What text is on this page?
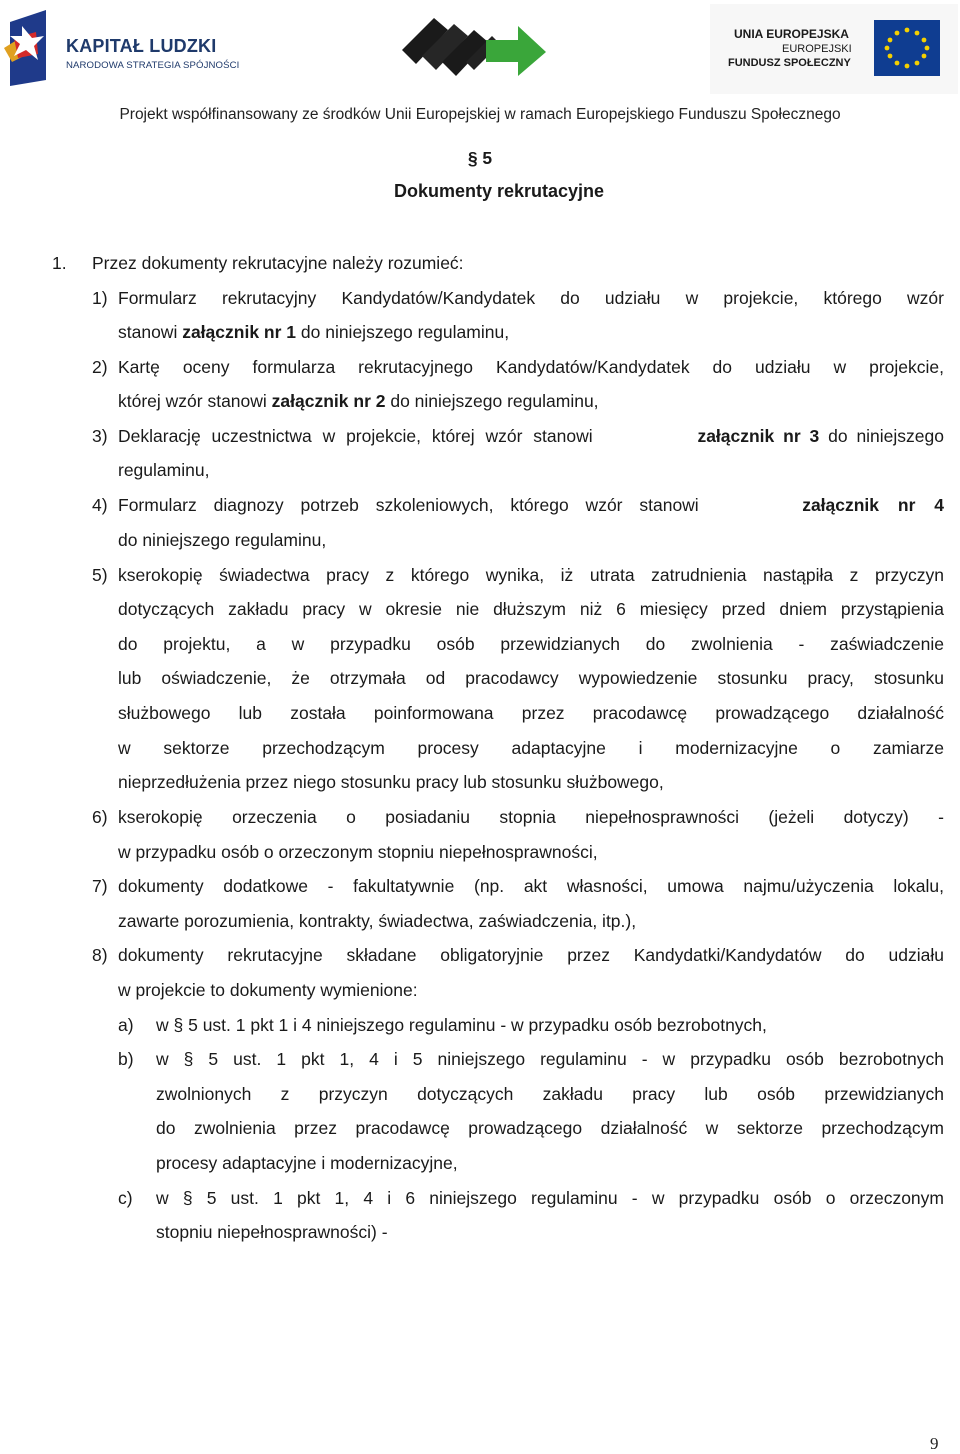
KAPITAŁ LUDZKI
NARODOWA STRATEGIA SPÓJNOŚCI
UNIA EUROPEJSKA
EUROPEJSKI
FUNDUSZ SPOŁECZNY
Projekt współfinansowany ze środków Unii Europejskiej w ramach Europejskiego Funduszu Społecznego
§ 5
Dokumenty rekrutacyjne
1. Przez dokumenty rekrutacyjne należy rozumieć:
1) Formularz rekrutacyjny Kandydatów/Kandydatek do udziału w projekcie, którego wzór
stanowi załącznik nr 1 do niniejszego regulaminu,
2) Kartę oceny formularza rekrutacyjnego Kandydatów/Kandydatek do udziału w projekcie,
której wzór stanowi załącznik nr 2 do niniejszego regulaminu,
3) Deklarację uczestnictwa w projekcie, której wzór stanowi	załącznik nr 3 do niniejszego
regulaminu,
4) Formularz diagnozy potrzeb szkoleniowych, którego wzór stanowi	załącznik nr 4
do niniejszego regulaminu,
5) kserokopię świadectwa pracy z którego wynika, iż utrata zatrudnienia nastąpiła z przyczyn
dotyczących zakładu pracy w okresie nie dłuższym niż 6 miesięcy przed dniem przystąpienia
do projektu, a w przypadku osób przewidzianych do zwolnienia - zaświadczenie
lub oświadczenie, że otrzymała od pracodawcy wypowiedzenie stosunku pracy, stosunku
służbowego lub została poinformowana przez pracodawcę prowadzącego działalność
w sektorze przechodzącym procesy adaptacyjne i modernizacyjne o zamiarze
nieprzedłużenia przez niego stosunku pracy lub stosunku służbowego,
6) kserokopię orzeczenia o posiadaniu stopnia niepełnosprawności (jeżeli dotyczy) -
w przypadku osób o orzeczonym stopniu niepełnosprawności,
7) dokumenty dodatkowe - fakultatywnie (np. akt własności, umowa najmu/użyczenia lokalu,
zawarte porozumienia, kontrakty, świadectwa, zaświadczenia, itp.),
8) dokumenty rekrutacyjne składane obligatoryjnie przez Kandydatki/Kandydatów do udziału
w projekcie to dokumenty wymienione:
a) w § 5 ust. 1 pkt 1 i 4 niniejszego regulaminu - w przypadku osób bezrobotnych,
b) w § 5 ust. 1 pkt 1, 4 i 5 niniejszego regulaminu - w przypadku osób bezrobotnych
zwolnionych z przyczyn dotyczących zakładu pracy lub osób przewidzianych
do zwolnienia przez pracodawcę prowadzącego działalność w sektorze przechodzącym
procesy adaptacyjne i modernizacyjne,
c) w § 5 ust. 1 pkt 1, 4 i 6 niniejszego regulaminu - w przypadku osób o orzeczonym
stopniu niepełnosprawności) -
9
